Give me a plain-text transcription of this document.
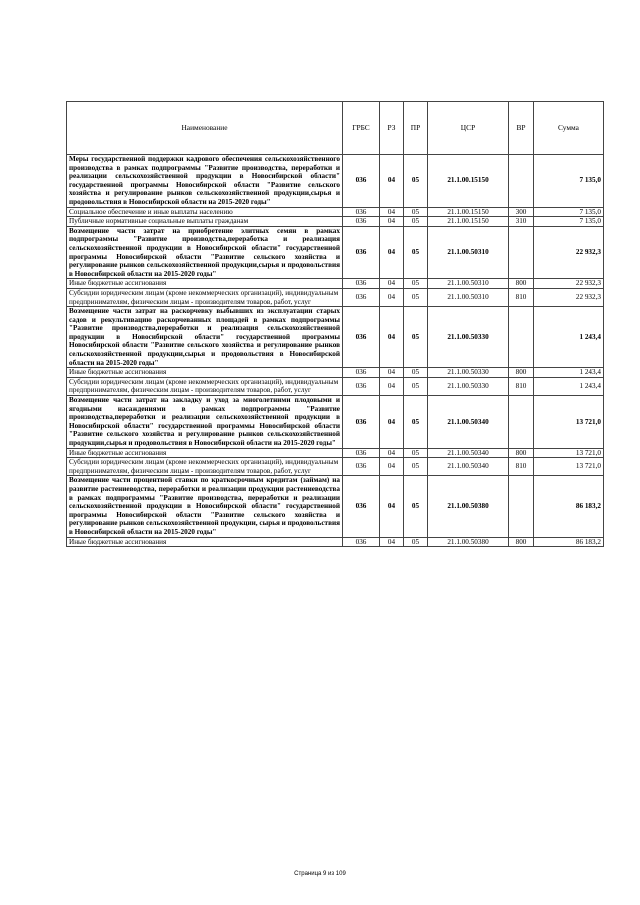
Наименование	ГРБС	РЗ	ПР	ЦСР	ВР	Сумма
Меры государственной поддержки кадрового обеспечения сельскохозяйственного производства в рамках подпрограммы "Развитие производства, переработки и реализации сельскохозяйственной продукции в Новосибирской области" государственной программы Новосибирской области "Развитие сельского хозяйства и регулирование рынков сельскохозяйственной продукции,сырья и продовольствия в Новосибирской области на 2015-2020 годы"	036	04	05	21.1.00.15150		7 135,0
Социальное обеспечение и иные выплаты населению	036	04	05	21.1.00.15150	300	7 135,0
Публичные нормативные социальные выплаты гражданам	036	04	05	21.1.00.15150	310	7 135,0
Возмещение части затрат на приобретение элитных семян в рамках подпрограммы "Развитие производства,переработка и реализация сельскохозяйственной продукции в Новосибирской области" государственной программы Новосибирской области "Развитие сельского хозяйства и регулирование рынков сельскохозяйственной продукции,сырья и продовольствия в Новосибирской области на 2015-2020 годы"	036	04	05	21.1.00.50310		22 932,3
Иные бюджетные ассигнования	036	04	05	21.1.00.50310	800	22 932,3
Субсидии юридическим лицам (кроме некоммерческих организаций), индивидуальным предпринимателям, физическим лицам - производителям товаров, работ, услуг	036	04	05	21.1.00.50310	810	22 932,3
Возмещение части затрат на раскорчевку выбывших из эксплуатации старых садов и рекультивацию раскорчеванных площадей в рамках подпрограммы "Развитие производства,переработки и реализация сельскохозяйственной продукции в Новосибирской области" государственной программы Новосибирской области "Развитие сельского хозяйства и регулирование рынков сельскохозяйственной продукции,сырья и продовольствия в Новосибирской области на 2015-2020 годы"	036	04	05	21.1.00.50330		1 243,4
Иные бюджетные ассигнования	036	04	05	21.1.00.50330	800	1 243,4
Субсидии юридическим лицам (кроме некоммерческих организаций), индивидуальным предпринимателям, физическим лицам - производителям товаров, работ, услуг	036	04	05	21.1.00.50330	810	1 243,4
Возмещение части затрат на закладку и уход за многолетними плодовыми и ягодными насаждениями в рамках подпрограммы "Развитие производства,переработки и реализации сельскохозяйственной продукции в Новосибирской области" государственной программы Новосибирской области "Развитие сельского хозяйства и регулирование рынков сельскохозяйственной продукции,сырья и продовольствия в Новосибирской области на 2015-2020 годы"	036	04	05	21.1.00.50340		13 721,0
Иные бюджетные ассигнования	036	04	05	21.1.00.50340	800	13 721,0
Субсидии юридическим лицам (кроме некоммерческих организаций), индивидуальным предпринимателям, физическим лицам - производителям товаров, работ, услуг	036	04	05	21.1.00.50340	810	13 721,0
Возмещение части процентной ставки по краткосрочным кредитам (займам) на развитие растениеводства, переработки и реализации продукции растениеводства в рамках подпрограммы "Развитие производства, переработки и реализации сельскохозяйственной продукции в Новосибирской области" государственной программы Новосибирской области "Развитие сельского хозяйства и регулирование рынков сельскохозяйственной продукции, сырья и продовольствия в Новосибирской области на 2015-2020 годы"	036	04	05	21.1.00.50380		86 183,2
Иные бюджетные ассигнования	036	04	05	21.1.00.50380	800	86 183,2
Страница 9 из 109
